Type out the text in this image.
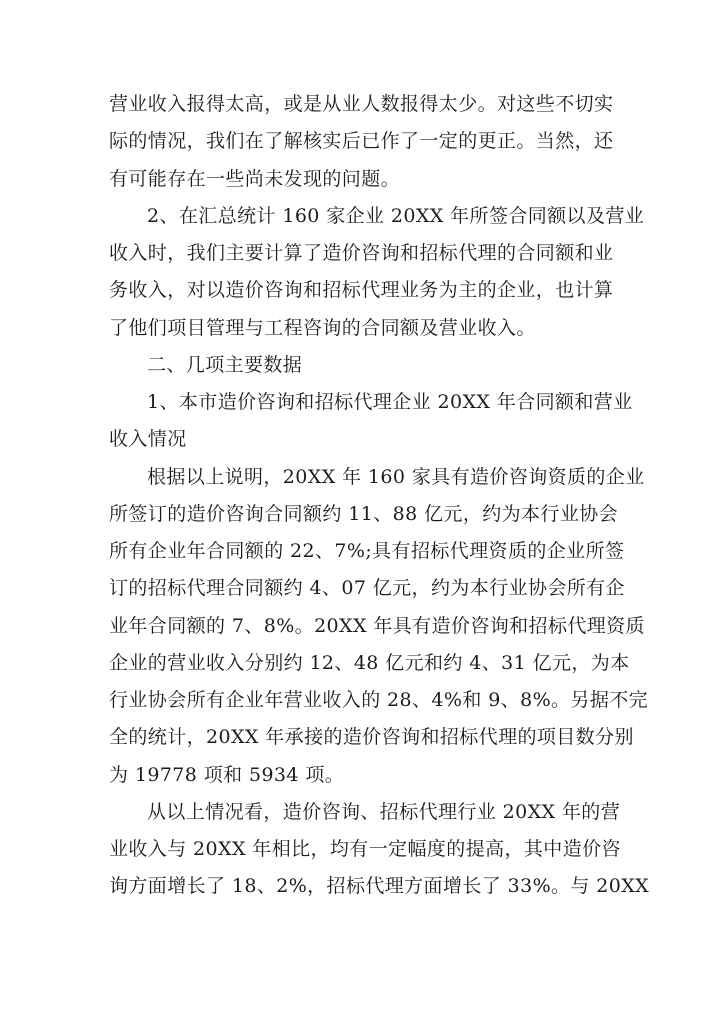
营业收入报得太高，或是从业人数报得太少。对这些不切实
际的情况，我们在了解核实后已作了一定的更正。当然，还
有可能存在一些尚未发现的问题。
2、在汇总统计 160 家企业 20XX 年所签合同额以及营业
收入时，我们主要计算了造价咨询和招标代理的合同额和业
务收入，对以造价咨询和招标代理业务为主的企业，也计算
了他们项目管理与工程咨询的合同额及营业收入。
二、几项主要数据
1、本市造价咨询和招标代理企业 20XX 年合同额和营业
收入情况
根据以上说明，20XX 年 160 家具有造价咨询资质的企业
所签订的造价咨询合同额约 11、88 亿元，约为本行业协会
所有企业年合同额的 22、7%;具有招标代理资质的企业所签
订的招标代理合同额约 4、07 亿元，约为本行业协会所有企
业年合同额的 7、8%。20XX 年具有造价咨询和招标代理资质
企业的营业收入分别约 12、48 亿元和约 4、31 亿元，为本
行业协会所有企业年营业收入的 28、4%和 9、8%。另据不完
全的统计，20XX 年承接的造价咨询和招标代理的项目数分别
为 19778 项和 5934 项。
从以上情况看，造价咨询、招标代理行业 20XX 年的营
业收入与 20XX 年相比，均有一定幅度的提高，其中造价咨
询方面增长了 18、2%，招标代理方面增长了 33%。与 20XX
